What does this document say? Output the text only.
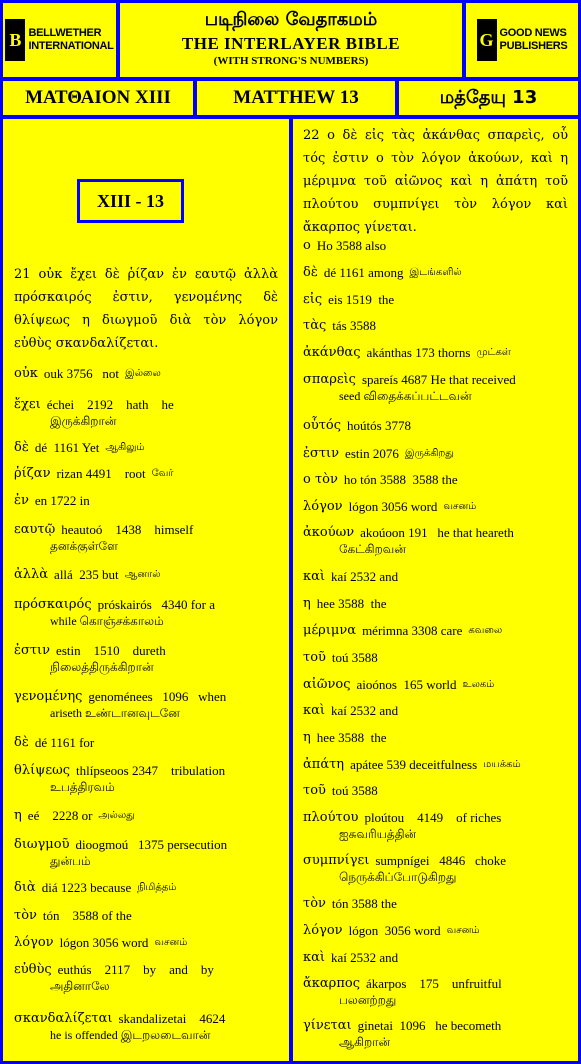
B BELLWETHER
INTERNATIONAL
படிநிலை வேதாகமம்
THE INTERLAYER BIBLE
(WITH STRONG'S NUMBERS)
G GOOD NEWS
PUBLISHERS
ΜΑΤΘΑΙΟΝ XIII	MATTHEW 13	மத்தேயு 13
XIII - 13
21 οὐκ ἔχει δὲ ῥίζαν ἐν εαυτῷ ἀλλὰ πρόσκαιρός ἐστιν, γενομένης δὲ θλίψεως η διωγμοῦ διὰ τὸν λόγον εὐθὺς σκανδαλίζεται.
22 ο δὲ εἰς τὰς ἀκάνθας σπαρεὶς, οὗ τός ἐστιν ο τὸν λόγον ἀκούων, καὶ η μέριμνα τοῦ αἰῶνος καὶ η ἀπάτη τοῦ πλούτου συμπνίγει τὸν λόγον καὶ ἄκαρπος γίνεται.
οὐκ ouk 3756   not இல்லை
ἔχει échei    2192    hath    he
இருக்கிறான்
δὲ dé  1161 Yet ஆகிலும்
ῥίζαν rizan 4491    root வேர்
ἐν en 1722 in
εαυτῷ heautoó    1438    himself
தனக்குள்ளே
ἀλλὰ allá  235 but ஆனால்
πρόσκαιρός próskairós   4340 for a
while கொஞ்சக்காலம்
ἐστιν estin    1510    dureth
நிலைத்திருக்கிறான்
γενομένης genoménees   1096   when
ariseth உண்டானவுடனே
δὲ dé 1161 for
θλίψεως thlípseoos 2347    tribulation
உபத்திரவம்
η eé    2228 or அல்லது
διωγμοῦ dioogmoú   1375 persecution
துன்பம்
διὰ diá 1223 because நிமித்தம்
τὸν tón    3588 of the
λόγον lógon 3056 word வசனம்
εὐθὺς euthús    2117    by    and    by
அதினாலே
σκανδαλίζεται skandalizetai    4624
he is offended இடறலடைவான்
ο Ho 3588 also
δὲ dé 1161 among இடங்களில்
εἰς eis 1519  the
τὰς tás 3588
ἀκάνθας akánthas 173 thorns முட்கள்
σπαρεὶς spareís 4687 He that received
seed விதைக்கப்பட்டவன்
οὗτός hoútós 3778
ἐστιν estin 2076 இருக்கிறது
ο τὸν ho tón 3588  3588 the
λόγον lógon 3056 word வசனம்
ἀκούων akoúoon 191   he that heareth
கேட்கிறவன்
καὶ kaí 2532 and
η hee 3588  the
μέριμνα mérimna 3308 care கவலை
τοῦ toú 3588
αἰῶνος aioónos  165 world உலகம்
καὶ kaí 2532 and
η hee 3588  the
ἀπάτη apátee 539 deceitfulness மயக்கம்
τοῦ toú 3588
πλούτου ploútou    4149    of riches
ஐசுவரியத்தின்
συμπνίγει sumpnígei   4846   choke
நெருக்கிப்போடுகிறது
τὸν tón 3588 the
λόγον lógon  3056 word வசனம்
καὶ kaí 2532 and
ἄκαρπος ákarpos    175    unfruitful
பலனற்றது
γίνεται ginetai  1096   he becometh
ஆகிறான்
